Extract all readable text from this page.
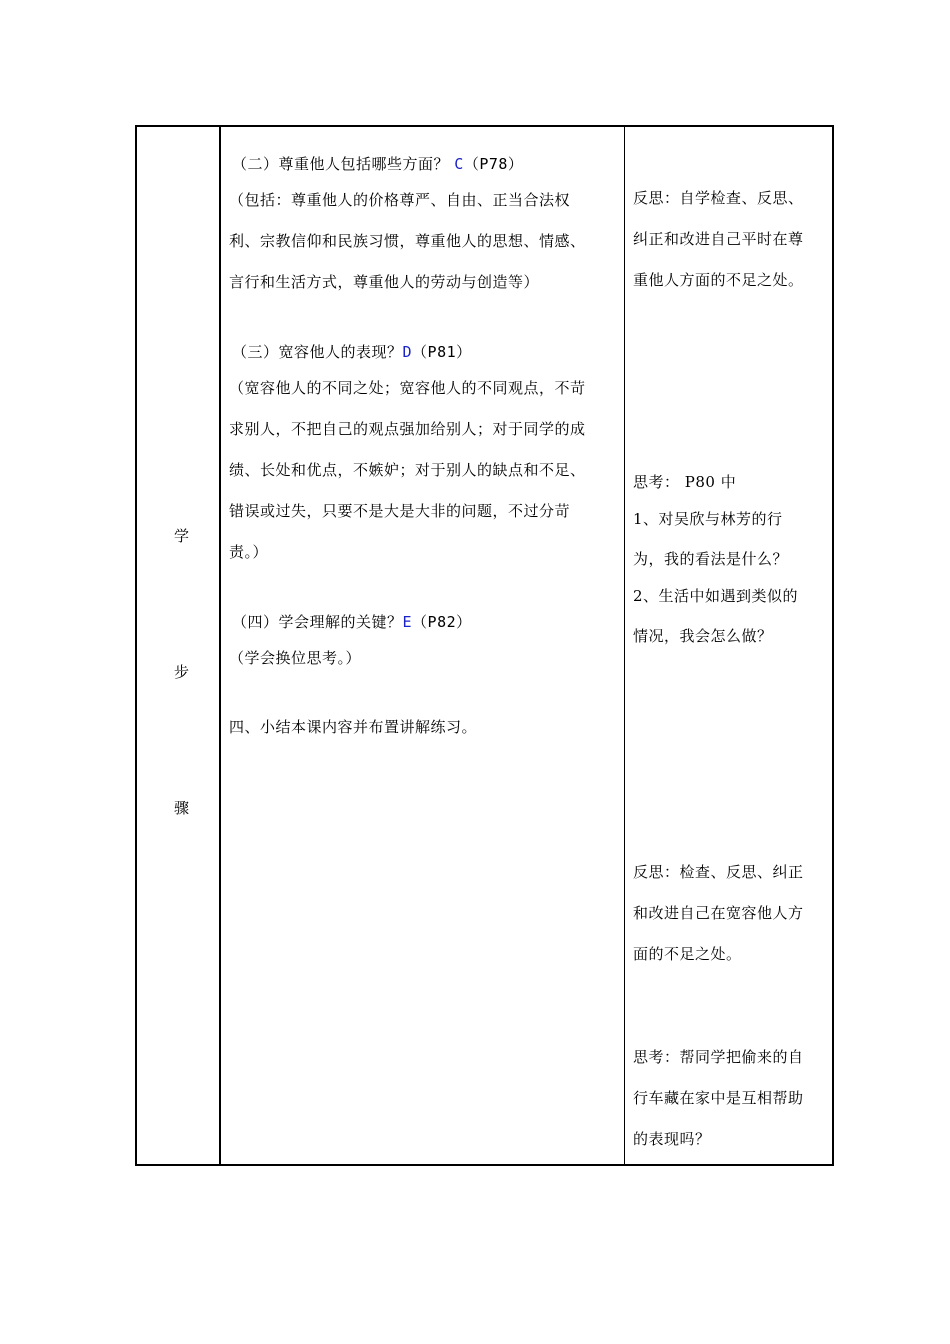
学
步
骤
（二）尊重他人包括哪些方面？ C（P78）
（包括：尊重他人的价格尊严、自由、正当合法权
利、宗教信仰和民族习惯，尊重他人的思想、情感、
言行和生活方式，尊重他人的劳动与创造等）
（三）宽容他人的表现？D（P81）
（宽容他人的不同之处；宽容他人的不同观点，不苛
求别人，不把自己的观点强加给别人；对于同学的成
绩、长处和优点，不嫉妒；对于别人的缺点和不足、
错误或过失，只要不是大是大非的问题，不过分苛
责。）
（四）学会理解的关键？E（P82）
（学会换位思考。）
四、小结本课内容并布置讲解练习。
反思：自学检查、反思、
纠正和改进自己平时在尊
重他人方面的不足之处。
思考： P80 中
1、对吴欣与林芳的行
为，我的看法是什么？
2、生活中如遇到类似的
情况，我会怎么做？
反思：检查、反思、纠正
和改进自己在宽容他人方
面的不足之处。
思考：帮同学把偷来的自
行车藏在家中是互相帮助
的表现吗？
